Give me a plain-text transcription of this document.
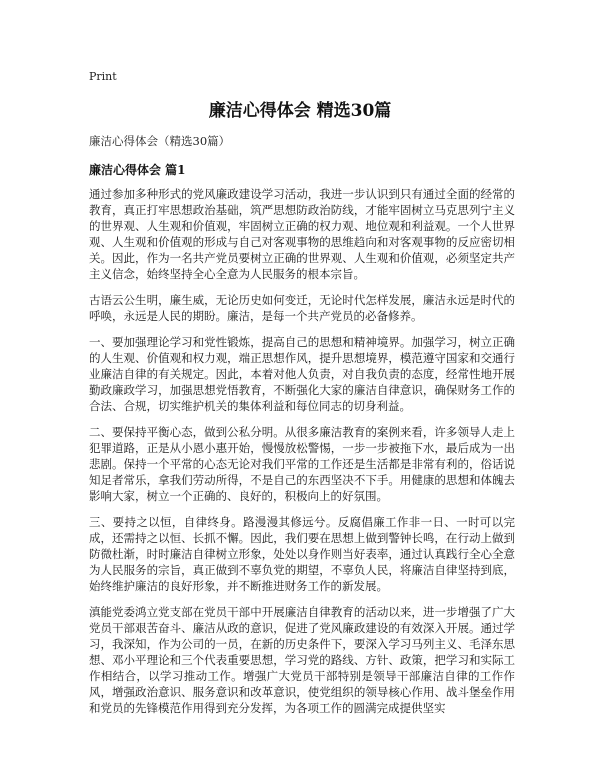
Print
廉洁心得体会 精选30篇
廉洁心得体会（精选30篇）
廉洁心得体会 篇1

通过参加多种形式的党风廉政建设学习活动，我进一步认识到只有通过全面的经常的教育，真正打牢思想政治基础，筑严思想防政治防线，才能牢固树立马克思列宁主义的世界观、人生观和价值观，牢固树立正确的权力观、地位观和利益观。一个人世界观、人生观和价值观的形成与自己对客观事物的思维趋向和对客观事物的反应密切相关。因此，作为一名共产党员要树立正确的世界观、人生观和价值观，必须坚定共产主义信念，始终坚持全心全意为人民服务的根本宗旨。

古语云公生明，廉生威，无论历史如何变迁，无论时代怎样发展，廉洁永远是时代的呼唤，永远是人民的期盼。廉洁，是每一个共产党员的必备修养。

一、要加强理论学习和党性锻炼，提高自己的思想和精神境界。加强学习，树立正确的人生观、价值观和权力观，端正思想作风，提升思想境界，模范遵守国家和交通行业廉洁自律的有关规定。因此，本着对他人负责，对自我负责的态度，经常性地开展勤政廉政学习，加强思想党悟教育，不断强化大家的廉洁自律意识，确保财务工作的合法、合规，切实维护机关的集体利益和每位同志的切身利益。

二、要保持平衡心态，做到公私分明。从很多廉洁教育的案例来看，许多领导人走上犯罪道路，正是从小恩小惠开始，慢慢放松警惕，一步一步被拖下水，最后成为一出悲剧。保持一个平常的心态无论对我们平常的工作还是生活都是非常有利的，俗话说知足者常乐，拿我们劳动所得，不是自己的东西坚决不下手。用健康的思想和体魄去影响大家，树立一个正确的、良好的，积极向上的好氛围。

三、要持之以恒，自律终身。路漫漫其修远兮。反腐倡廉工作非一日、一时可以完成，还需持之以恒、长抓不懈。因此，我们要在思想上做到警钟长鸣，在行动上做到防微杜渐，时时廉洁自律树立形象，处处以身作则当好表率，通过认真践行全心全意为人民服务的宗旨，真正做到不辜负党的期望，不辜负人民，将廉洁自律坚持到底，始终维护廉洁的良好形象，并不断推进财务工作的新发展。

滇能党委鸿立党支部在党员干部中开展廉洁自律教育的活动以来，进一步增强了广大党员干部艰苦奋斗、廉洁从政的意识，促进了党风廉政建设的有效深入开展。通过学习，我深知，作为公司的一员，在新的历史条件下，要深入学习马列主义、毛泽东思想、邓小平理论和三个代表重要思想，学习党的路线、方针、政策，把学习和实际工作相结合，以学习推动工作。增强广大党员干部特别是领导干部廉洁自律的工作作风，增强政治意识、服务意识和改革意识，使党组织的领导核心作用、战斗堡垒作用和党员的先锋模范作用得到充分发挥，为各项工作的圆满完成提供坚实
